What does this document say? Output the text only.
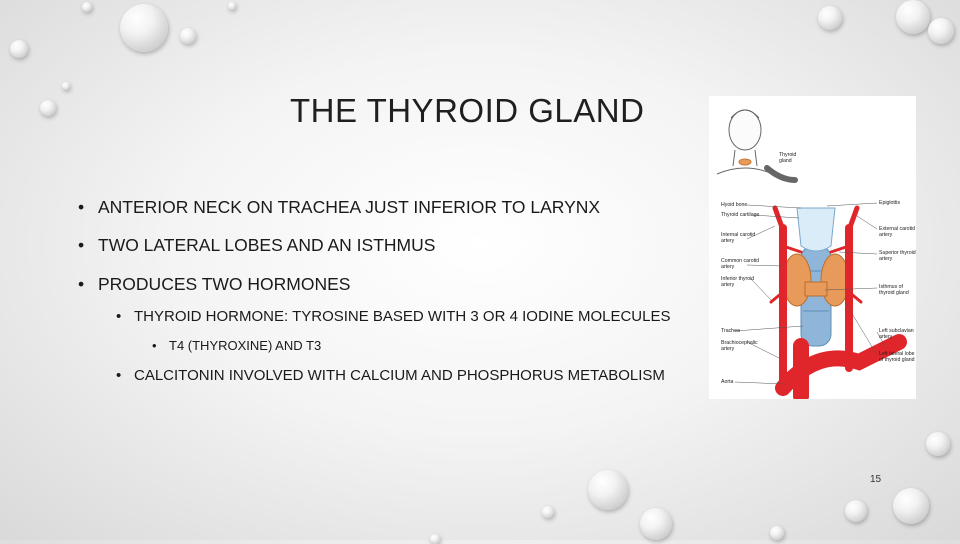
THE THYROID GLAND
• ANTERIOR NECK ON TRACHEA JUST INFERIOR TO LARYNX
• TWO LATERAL LOBES AND AN ISTHMUS
• PRODUCES TWO HORMONES
• THYROID HORMONE: TYROSINE BASED WITH 3 OR 4 IODINE MOLECULES
• T4 (THYROXINE) AND T3
• CALCITONIN INVOLVED WITH CALCIUM AND PHOSPHORUS METABOLISM
Thyroid
gland
Hyoid bone
Thyroid cartilage
Internal carotid
artery
Common carotid
artery
Inferior thyroid
artery
Trachea
Brachiocephalic
artery
Aorta
Epiglottis
External carotid
artery
Superior thyroid
artery
Isthmus of
thyroid gland
Left subclavian
artery
Left lateral lobe
of thyroid gland
15
